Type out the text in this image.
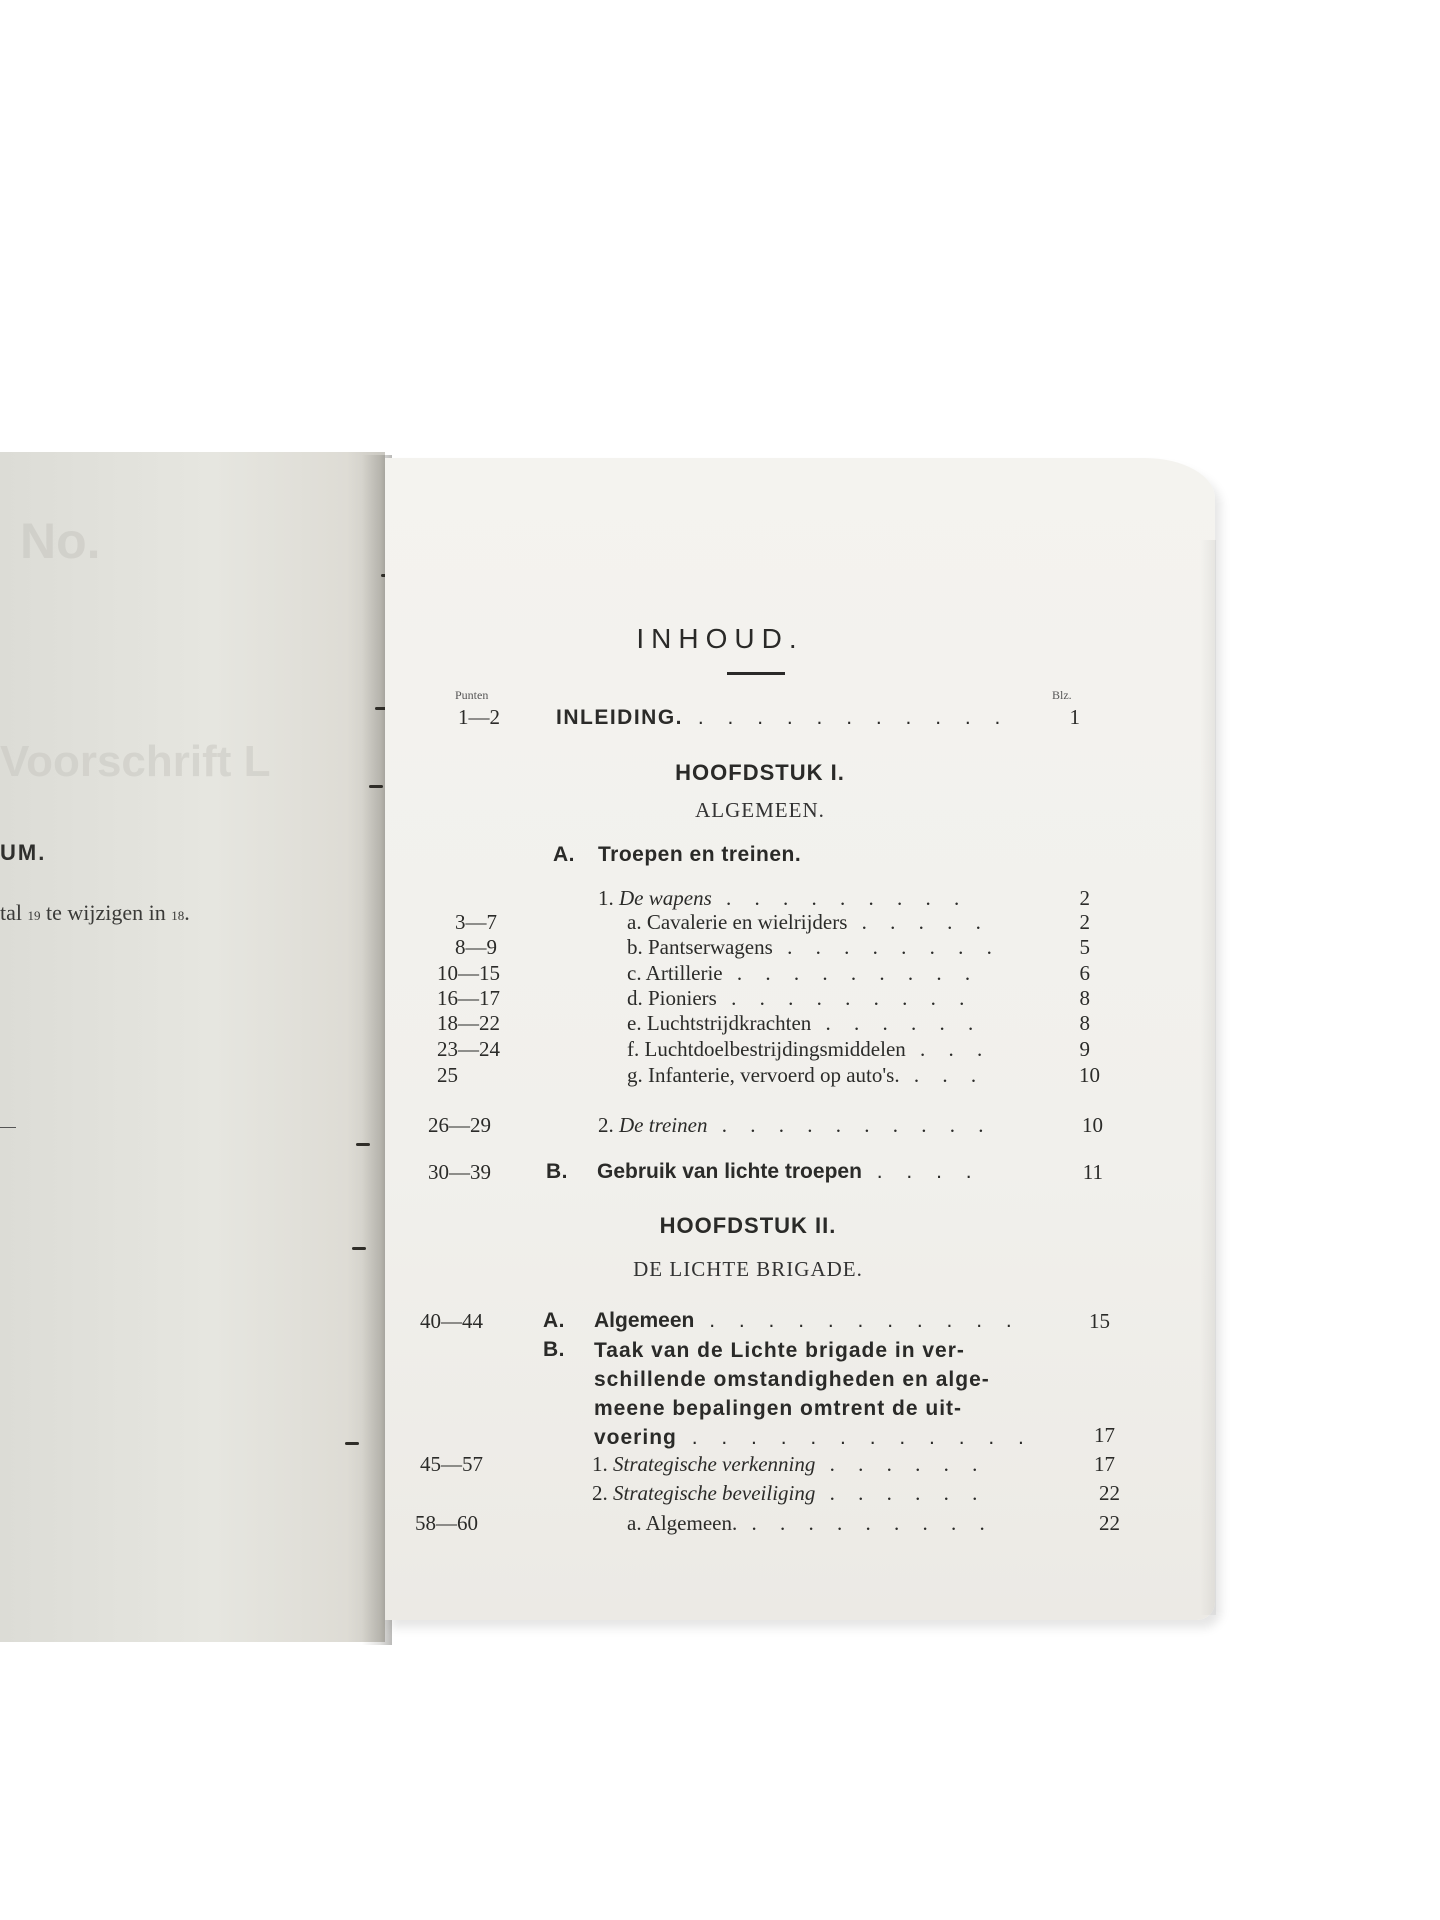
No.
Voorschrift L
UM.
tal 19 te wijzigen in 18.
INHOUD.
Punten	Blz.
1—2	INLEIDING. . . . . . . . . . . .	1
HOOFDSTUK I.
ALGEMEEN.
A. Troepen en treinen.
1. De wapens . . . . . . . . .	2
3—7	a. Cavalerie en wielrijders . . . . .	2
8—9	b. Pantserwagens . . . . . . . .	5
10—15	c. Artillerie . . . . . . . . .	6
16—17	d. Pioniers . . . . . . . . .	8
18—22	e. Luchtstrijdkrachten . . . . . .	8
23—24	f. Luchtdoelbestrijdingsmiddelen . . .	9
25	g. Infanterie, vervoerd op auto's. . . .	10
26—29	2. De treinen . . . . . . . . . .	10
30—39	B. Gebruik van lichte troepen . . . .	11
HOOFDSTUK II.
DE LICHTE BRIGADE.
40—44	A. Algemeen . . . . . . . . . . .	15
B. Taak van de Lichte brigade in ver-
schillende omstandigheden en alge-
meene bepalingen omtrent de uit-
voering . . . . . . . . . . . .	17
45—57	1. Strategische verkenning . . . . . .	17
2. Strategische beveiliging . . . . . .	22
58—60	a. Algemeen. . . . . . . . . .	22
